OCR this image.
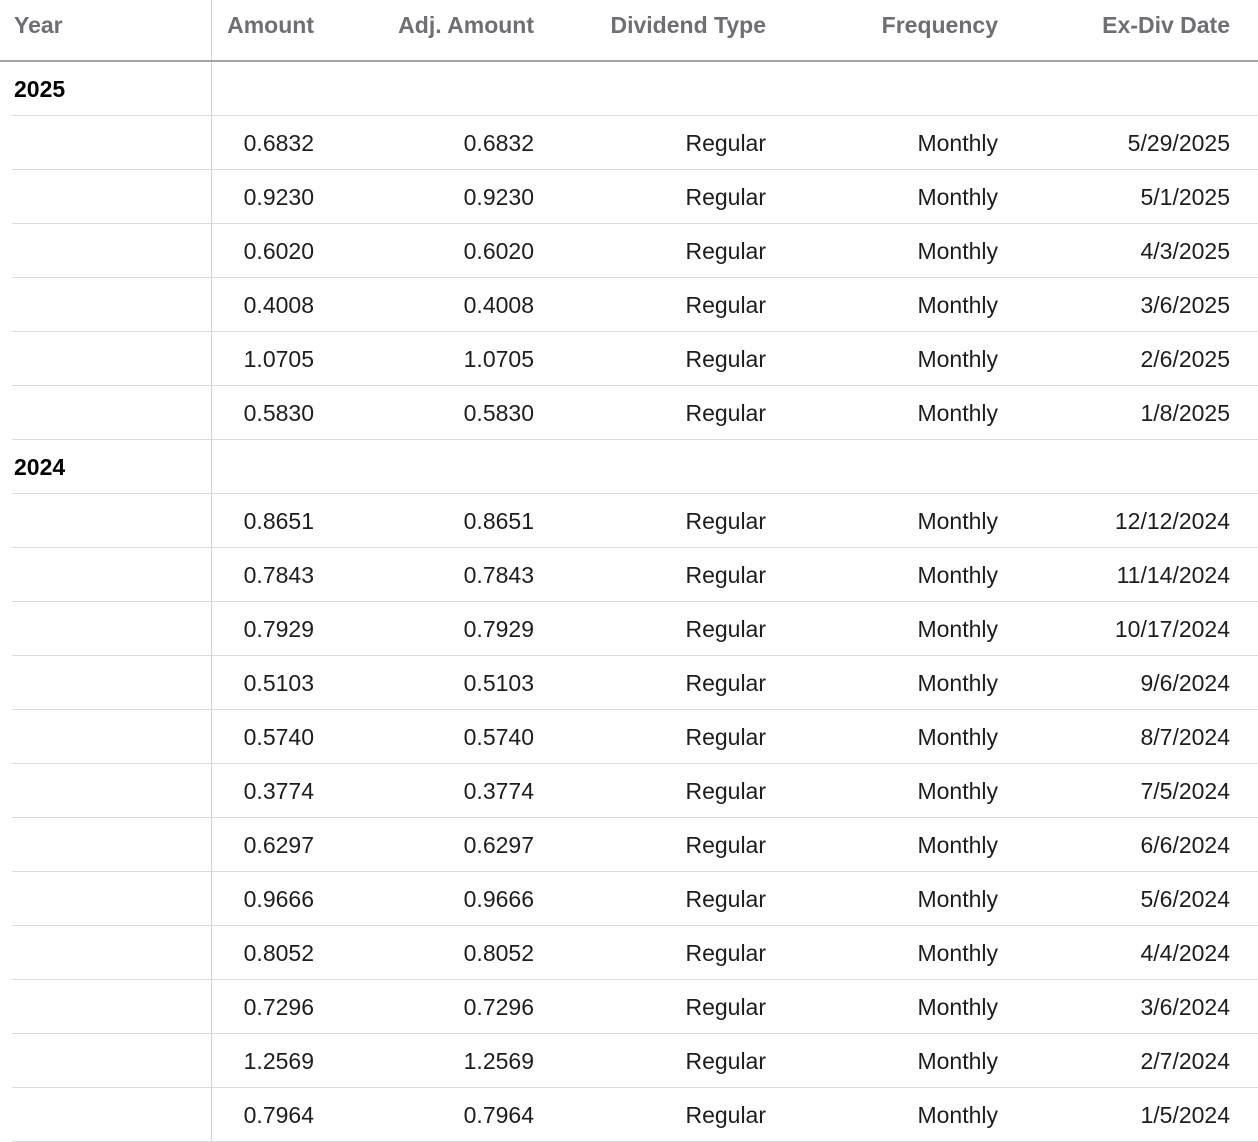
Year	Amount	Adj. Amount	Dividend Type	Frequency	Ex-Div Date
2025
0.6832	0.6832	Regular	Monthly	5/29/2025
0.9230	0.9230	Regular	Monthly	5/1/2025
0.6020	0.6020	Regular	Monthly	4/3/2025
0.4008	0.4008	Regular	Monthly	3/6/2025
1.0705	1.0705	Regular	Monthly	2/6/2025
0.5830	0.5830	Regular	Monthly	1/8/2025
2024
0.8651	0.8651	Regular	Monthly	12/12/2024
0.7843	0.7843	Regular	Monthly	11/14/2024
0.7929	0.7929	Regular	Monthly	10/17/2024
0.5103	0.5103	Regular	Monthly	9/6/2024
0.5740	0.5740	Regular	Monthly	8/7/2024
0.3774	0.3774	Regular	Monthly	7/5/2024
0.6297	0.6297	Regular	Monthly	6/6/2024
0.9666	0.9666	Regular	Monthly	5/6/2024
0.8052	0.8052	Regular	Monthly	4/4/2024
0.7296	0.7296	Regular	Monthly	3/6/2024
1.2569	1.2569	Regular	Monthly	2/7/2024
0.7964	0.7964	Regular	Monthly	1/5/2024
